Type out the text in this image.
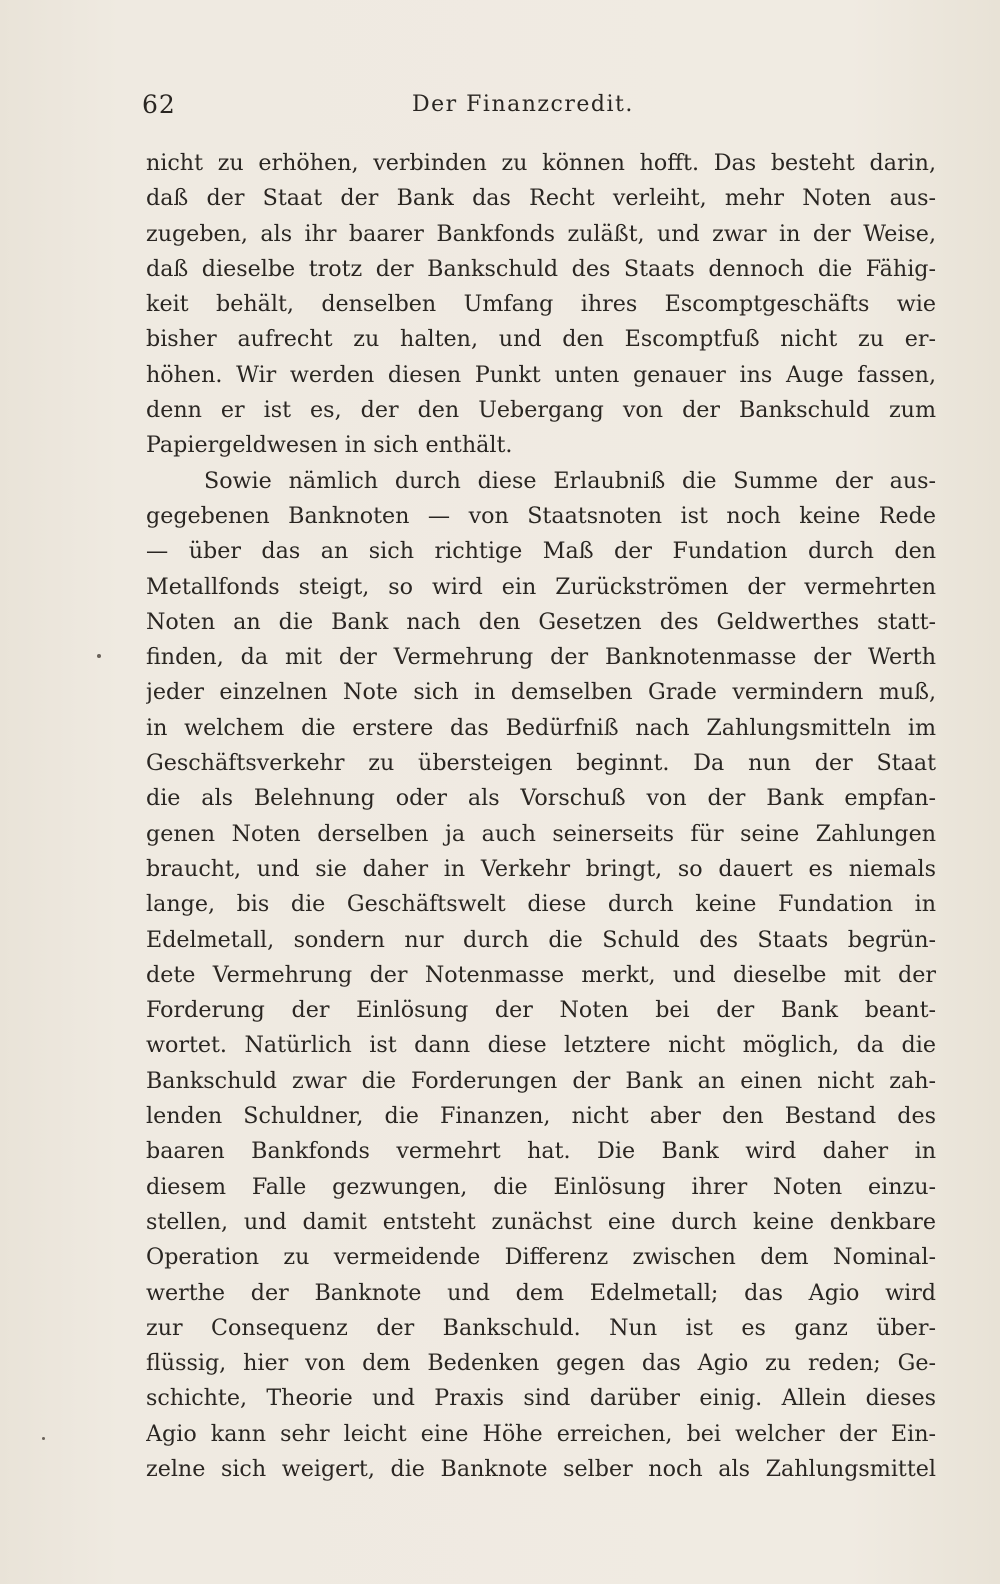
62	Der Finanzcredit.
nicht zu erhöhen, verbinden zu können hofft. Das besteht darin,
daß der Staat der Bank das Recht verleiht, mehr Noten aus-
zugeben, als ihr baarer Bankfonds zuläßt, und zwar in der Weise,
daß dieselbe trotz der Bankschuld des Staats dennoch die Fähig-
keit behält, denselben Umfang ihres Escomptgeschäfts wie
bisher aufrecht zu halten, und den Escomptfuß nicht zu er-
höhen. Wir werden diesen Punkt unten genauer ins Auge fassen,
denn er ist es, der den Uebergang von der Bankschuld zum
Papiergeldwesen in sich enthält.
Sowie nämlich durch diese Erlaubniß die Summe der aus-
gegebenen Banknoten — von Staatsnoten ist noch keine Rede
— über das an sich richtige Maß der Fundation durch den
Metallfonds steigt, so wird ein Zurückströmen der vermehrten
Noten an die Bank nach den Gesetzen des Geldwerthes statt-
finden, da mit der Vermehrung der Banknotenmasse der Werth
jeder einzelnen Note sich in demselben Grade vermindern muß,
in welchem die erstere das Bedürfniß nach Zahlungsmitteln im
Geschäftsverkehr zu übersteigen beginnt. Da nun der Staat
die als Belehnung oder als Vorschuß von der Bank empfan-
genen Noten derselben ja auch seinerseits für seine Zahlungen
braucht, und sie daher in Verkehr bringt, so dauert es niemals
lange, bis die Geschäftswelt diese durch keine Fundation in
Edelmetall, sondern nur durch die Schuld des Staats begrün-
dete Vermehrung der Notenmasse merkt, und dieselbe mit der
Forderung der Einlösung der Noten bei der Bank beant-
wortet. Natürlich ist dann diese letztere nicht möglich, da die
Bankschuld zwar die Forderungen der Bank an einen nicht zah-
lenden Schuldner, die Finanzen, nicht aber den Bestand des
baaren Bankfonds vermehrt hat. Die Bank wird daher in
diesem Falle gezwungen, die Einlösung ihrer Noten einzu-
stellen, und damit entsteht zunächst eine durch keine denkbare
Operation zu vermeidende Differenz zwischen dem Nominal-
werthe der Banknote und dem Edelmetall; das Agio wird
zur Consequenz der Bankschuld. Nun ist es ganz über-
flüssig, hier von dem Bedenken gegen das Agio zu reden; Ge-
schichte, Theorie und Praxis sind darüber einig. Allein dieses
Agio kann sehr leicht eine Höhe erreichen, bei welcher der Ein-
zelne sich weigert, die Banknote selber noch als Zahlungsmittel
